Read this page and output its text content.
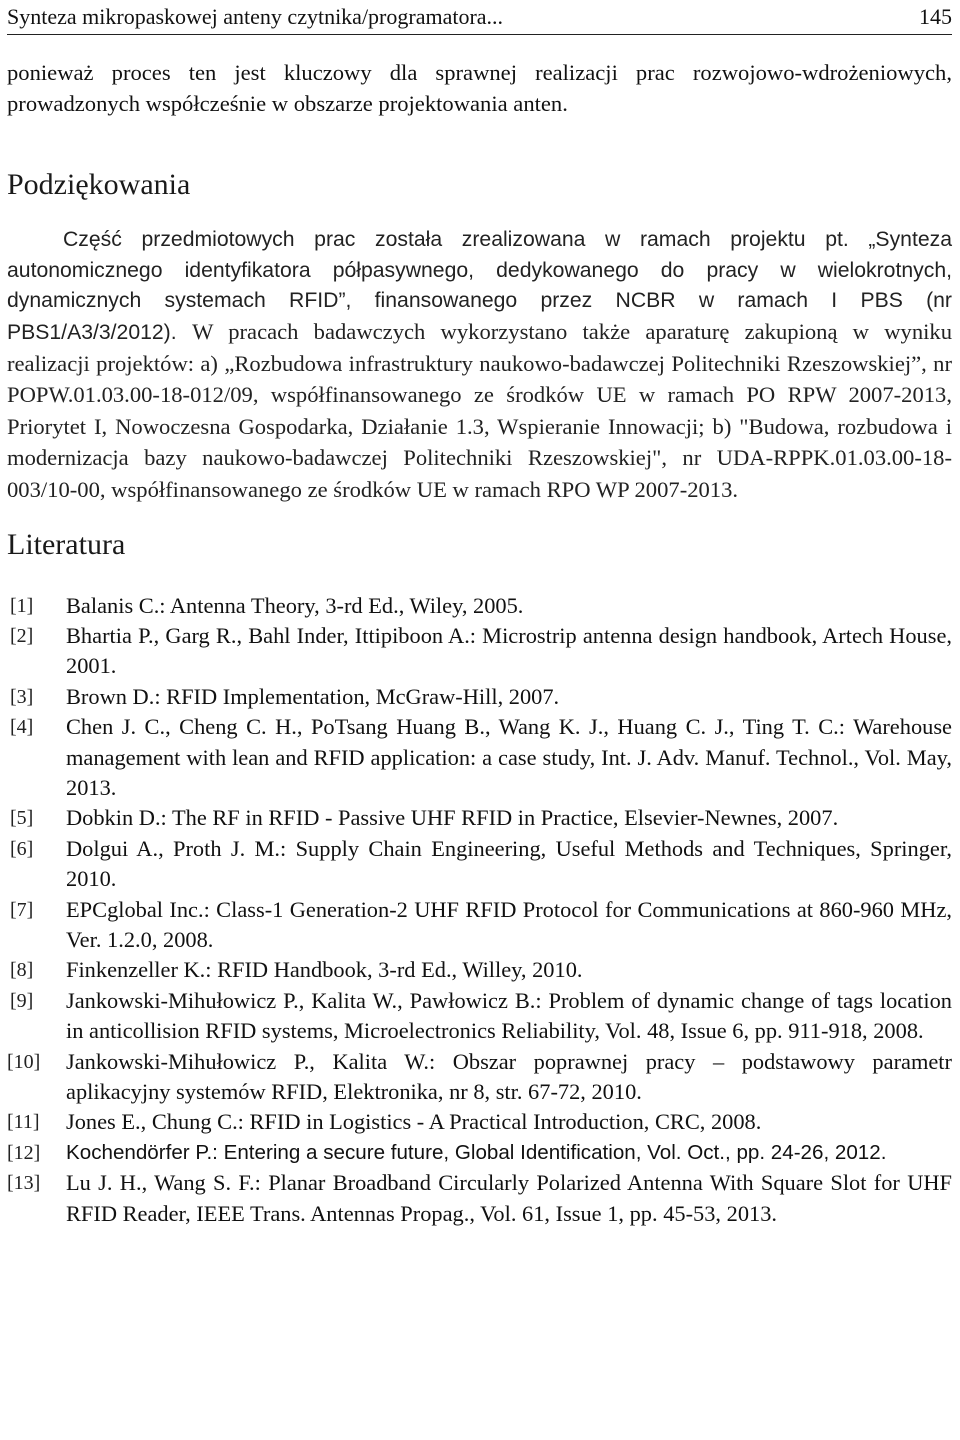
Synteza mikropaskowej anteny czytnika/programatora...	145

ponieważ proces ten jest kluczowy dla sprawnej realizacji prac rozwojowo-wdrożeniowych, prowadzonych współcześnie w obszarze projektowania anten.

Podziękowania

Część przedmiotowych prac została zrealizowana w ramach projektu pt. „Synteza autonomicznego identyfikatora półpasywnego, dedykowanego do pracy w wielokrotnych, dynamicznych systemach RFID”, finansowanego przez NCBR w ramach I PBS (nr PBS1/A3/3/2012). W pracach badawczych wykorzystano także aparaturę zakupioną w wyniku realizacji projektów: a) „Rozbudowa infrastruktury naukowo-badawczej Politechniki Rzeszowskiej”, nr POPW.01.03.00-18-012/09, współfinansowanego ze środków UE w ramach PO RPW 2007-2013, Priorytet I, Nowoczesna Gospodarka, Działanie 1.3, Wspieranie Innowacji; b) "Budowa, rozbudowa i modernizacja bazy naukowo-badawczej Politechniki Rzeszowskiej", nr UDA-RPPK.01.03.00-18-003/10-00, współfinansowanego ze środków UE w ramach RPO WP 2007-2013.

Literatura
[1]	Balanis C.: Antenna Theory, 3-rd Ed., Wiley, 2005.
[2]	Bhartia P., Garg R., Bahl Inder, Ittipiboon A.: Microstrip antenna design handbook, Artech House, 2001.
[3]	Brown D.: RFID Implementation, McGraw-Hill, 2007.
[4]	Chen J. C., Cheng C. H., PoTsang Huang B., Wang K. J., Huang C. J., Ting T. C.: Warehouse management with lean and RFID application: a case study, Int. J. Adv. Manuf. Technol., Vol. May, 2013.
[5]	Dobkin D.: The RF in RFID - Passive UHF RFID in Practice, Elsevier-Newnes, 2007.
[6]	Dolgui A., Proth J. M.: Supply Chain Engineering, Useful Methods and Techniques, Springer, 2010.
[7]	EPCglobal Inc.: Class-1 Generation-2 UHF RFID Protocol for Communications at 860-960 MHz, Ver. 1.2.0, 2008.
[8]	Finkenzeller K.: RFID Handbook, 3-rd Ed., Willey, 2010.
[9]	Jankowski-Mihułowicz P., Kalita W., Pawłowicz B.: Problem of dynamic change of tags location in anticollision RFID systems, Microelectronics Reliability, Vol. 48, Issue 6, pp. 911-918, 2008.
[10]	Jankowski-Mihułowicz P., Kalita W.: Obszar poprawnej pracy – podstawowy parametr aplikacyjny systemów RFID, Elektronika, nr 8, str. 67-72, 2010.
[11]	Jones E., Chung C.: RFID in Logistics - A Practical Introduction, CRC, 2008.
[12]	Kochendörfer P.: Entering a secure future, Global Identification, Vol. Oct., pp. 24-26, 2012.
[13]	Lu J. H., Wang S. F.: Planar Broadband Circularly Polarized Antenna With Square Slot for UHF RFID Reader, IEEE Trans. Antennas Propag., Vol. 61, Issue 1, pp. 45-53, 2013.
